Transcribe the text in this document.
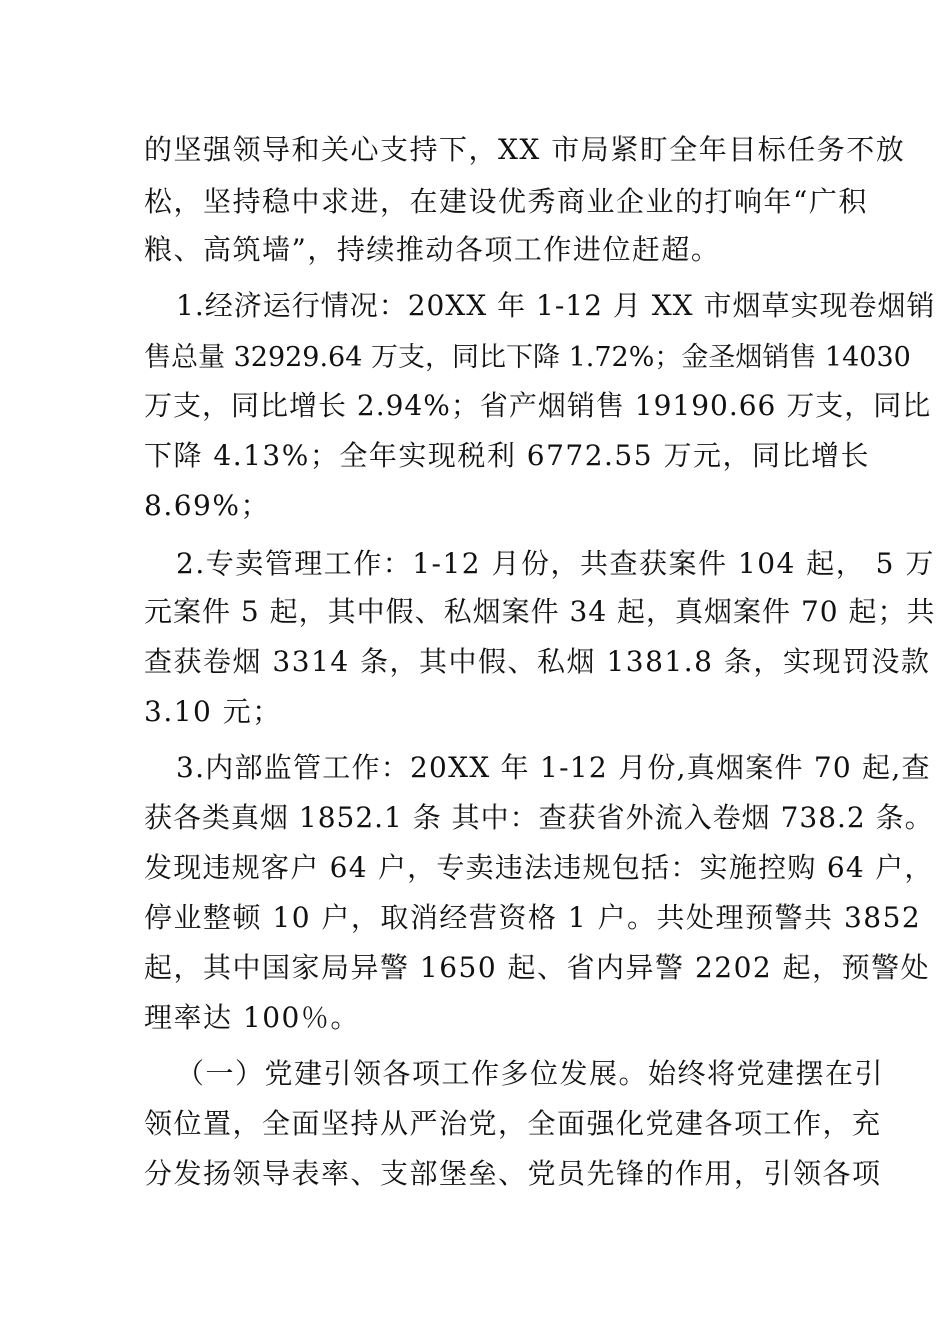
的坚强领导和关心支持下，XX 市局紧盯全年目标任务不放

松，坚持稳中求进，在建设优秀商业企业的打响年“广积

粮、高筑墙”，持续推动各项工作进位赶超。

1.经济运行情况：20XX 年 1-12 月 XX 市烟草实现卷烟销

售总量 32929.64 万支，同比下降 1.72%；金圣烟销售 14030

万支，同比增长 2.94%；省产烟销售 19190.66 万支，同比

下降 4.13%；全年实现税利 6772.55 万元，同比增长

8.69%；

2.专卖管理工作：1-12 月份，共查获案件 104 起， 5 万

元案件 5 起，其中假、私烟案件 34 起，真烟案件 70 起；共

查获卷烟 3314 条，其中假、私烟 1381.8 条，实现罚没款

3.10 元；

3.内部监管工作：20XX 年 1-12 月份,真烟案件 70 起,查

获各类真烟 1852.1 条 其中：查获省外流入卷烟 738.2 条。

发现违规客户 64 户，专卖违法违规包括：实施控购 64 户，

停业整顿 10 户，取消经营资格 1 户。共处理预警共 3852

起，其中国家局异警 1650 起、省内异警 2202 起，预警处

理率达 100％。

（一）党建引领各项工作多位发展。始终将党建摆在引

领位置，全面坚持从严治党，全面强化党建各项工作，充

分发扬领导表率、支部堡垒、党员先锋的作用，引领各项
